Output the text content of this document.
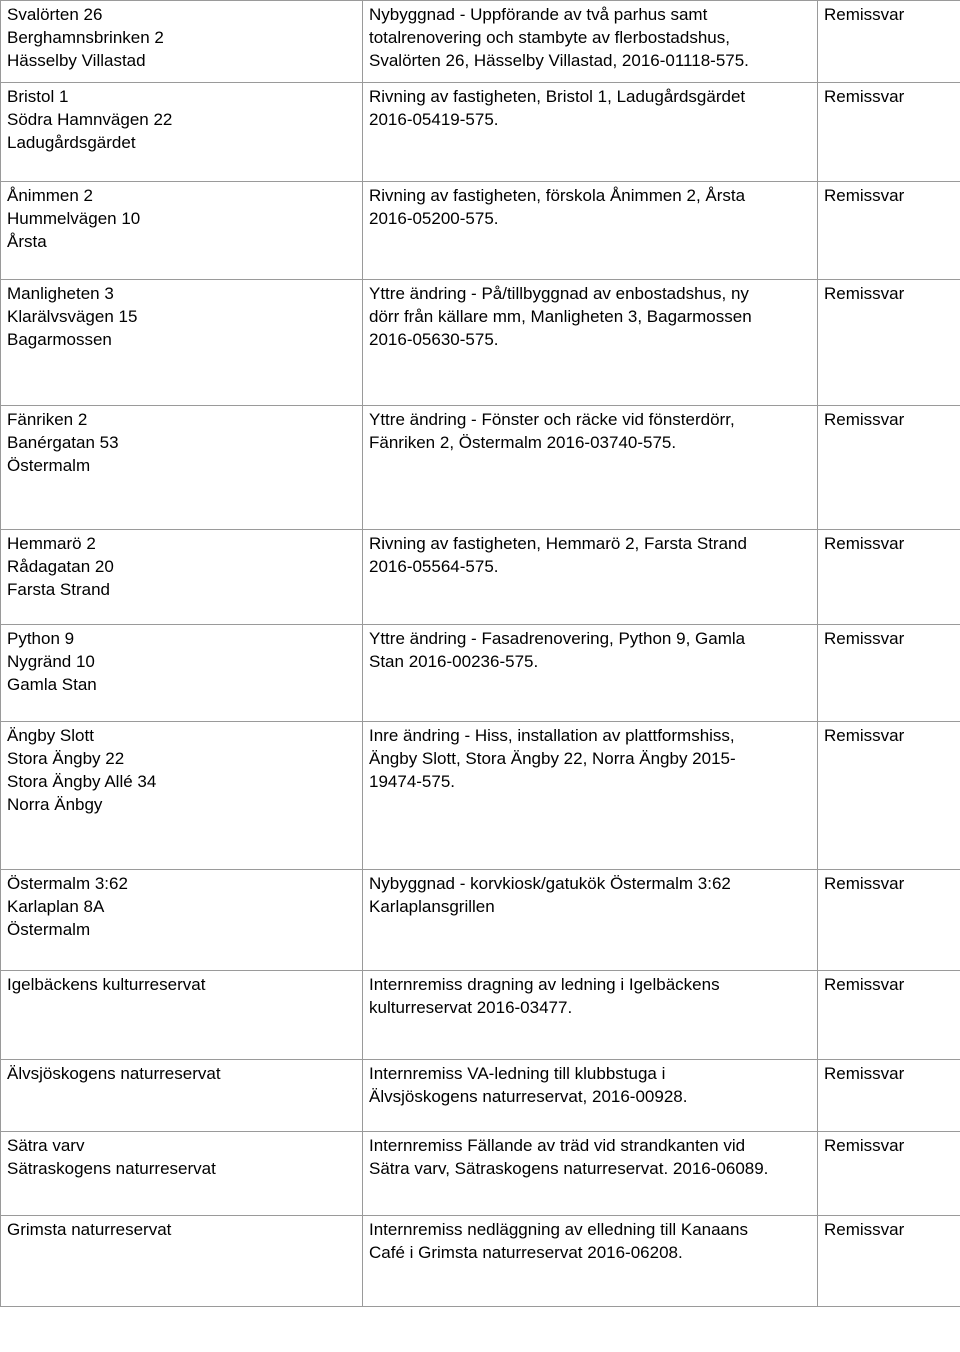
Svalörten 26
Berghamnsbrinken 2
Hässelby Villastad	Nybyggnad - Uppförande av två parhus samt
totalrenovering och stambyte av flerbostadshus,
Svalörten 26, Hässelby Villastad, 2016-01118-575.	Remissvar

Bristol 1
Södra Hamnvägen 22
Ladugårdsgärdet	Rivning av fastigheten, Bristol 1, Ladugårdsgärdet
2016-05419-575.	Remissvar

Ånimmen 2
Hummelvägen 10
Årsta	Rivning av fastigheten, förskola Ånimmen 2, Årsta
2016-05200-575.	Remissvar

Manligheten 3
Klarälvsvägen 15
Bagarmossen	Yttre ändring - På/tillbyggnad av enbostadshus, ny
dörr från källare mm, Manligheten 3, Bagarmossen
2016-05630-575.	Remissvar

Fänriken 2
Banérgatan 53
Östermalm	Yttre ändring - Fönster och räcke vid fönsterdörr,
Fänriken 2, Östermalm 2016-03740-575.	Remissvar

Hemmarö 2
Rådagatan 20
Farsta Strand	Rivning av fastigheten, Hemmarö 2, Farsta Strand
2016-05564-575.	Remissvar

Python 9
Nygränd 10
Gamla Stan	Yttre ändring - Fasadrenovering, Python 9, Gamla
Stan 2016-00236-575.	Remissvar

Ängby Slott
Stora Ängby 22
Stora Ängby Allé 34
Norra Änbgy	Inre ändring - Hiss, installation av plattformshiss,
Ängby Slott, Stora Ängby 22, Norra Ängby 2015-
19474-575.	Remissvar

Östermalm 3:62
Karlaplan 8A
Östermalm	Nybyggnad - korvkiosk/gatukök Östermalm 3:62
Karlaplansgrillen	Remissvar

Igelbäckens kulturreservat	Internremiss dragning av ledning i Igelbäckens
kulturreservat 2016-03477.	Remissvar

Älvsjöskogens naturreservat	Internremiss VA-ledning till klubbstuga i
Älvsjöskogens naturreservat, 2016-00928.	Remissvar

Sätra varv
Sätraskogens naturreservat	Internremiss Fällande av träd vid strandkanten vid
Sätra varv, Sätraskogens naturreservat. 2016-06089.	Remissvar

Grimsta naturreservat	Internremiss nedläggning av elledning till Kanaans
Café i Grimsta naturreservat 2016-06208.	Remissvar
